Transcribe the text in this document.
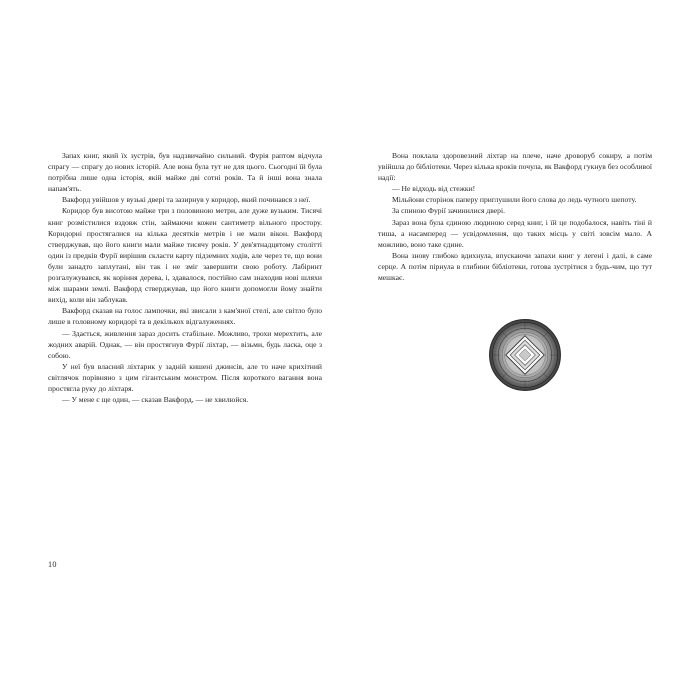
Запах книг, який їх зустрів, був надзвичайно сильний. Фурія раптом відчула спрагу — спрагу до нових історій. Але вона була тут не для цього. Сьогодні їй була потрібна лише одна історія, якій майже дві сотні років. Та й інші вона знала напам'ять.

Вакфорд увійшов у вузькі двері та зазирнув у коридор, який починався з неї.

Коридор був висотою майже три з половиною метри, але дуже вузьким. Тисячі книг розмістилися вздовж стін, займаючи кожен сантиметр вільного простору. Коридорні простягалися на кілька десятків метрів і не мали вікон. Вакфорд стверджував, що його книги мали майже тисячу років. У дев'ятнадцятому столітті один із предків Фурії вирішив скласти карту підземних ходів, але через те, що вони були занадто заплутані, він так і не зміг завершити свою роботу. Лабіринт розгалужувався, як коріння дерева, і, здавалося, постійно сам знаходив нові шляхи між шарами землі. Вакфорд стверджував, що його книги допомогли йому знайти вихід, коли він заблукав.

Вакфорд сказав на голос лампочки, які звисали з кам'яної стелі, але світло було лише в головному коридорі та в декількох відгалуженнях.

— Здається, живлення зараз досить стабільне. Можливо, трохи мерехтить, але жодних аварій. Однак, — він простягнув Фурії ліхтар, — візьми, будь ласка, оце з собою.

У неї був власний ліхтарик у задній кишені джинсів, але то наче крихітний світлячок порівняно з цим гігантським монстром. Після короткого вагання вона простягла руку до ліхтаря.

— У мене є ще один, — сказав Вакфорд, — не хвилюйся.

10

Вона поклала здоровезний ліхтар на плече, наче дроворуб сокиру, а потім увійшла до бібліотеки. Через кілька кроків почула, як Вакфорд гукнув без особливої надії:

— Не відходь від стежки!

Мільйони сторінок паперу приглушили його слова до ледь чутного шепоту.

За спиною Фурії зачинилися двері.

Зараз вона була єдиною людиною серед книг, і їй це подобалося, навіть тіні й тиша, а насамперед — усвідомлення, що таких місць у світі зовсім мало. А можливо, воно таке єдине.

Вона знову глибоко вдихнула, впускаючи запахи книг у легені і далі, в саме серце. А потім пірнула в глибини бібліотеки, готова зустрітися з будь-чим, що тут мешкає.
